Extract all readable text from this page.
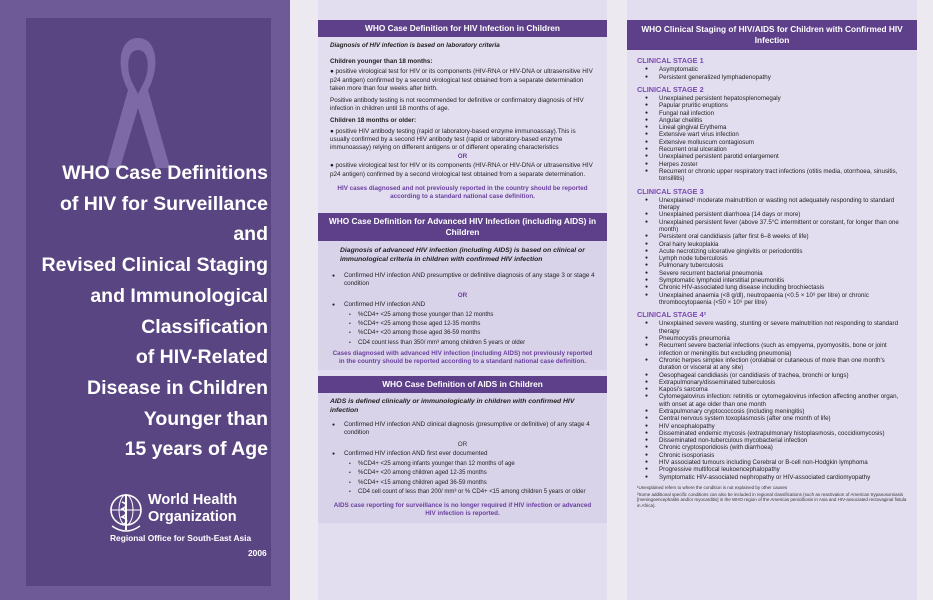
WHO Case Definitions
of HIV for Surveillance
and
Revised Clinical Staging
and Immunological
Classification
of HIV-Related
Disease in Children
Younger than
15 years of Age
World Health
Organization
Regional Office for South-East Asia
2006
WHO Case Definition for HIV Infection in Children

Diagnosis of HIV infection is based on laboratory criteria

Children younger than 18 months:

● positive virological test for HIV or its components (HIV-RNA or HIV-DNA or ultrasensitive HIV p24 antigen) confirmed by a second virological test obtained from a separate determination taken more than four weeks after birth.

Positive antibody testing is not recommended for definitive or confirmatory diagnosis of HIV infection in children until 18 months of age.

Children 18 months or older:

● positive HIV antibody testing (rapid or laboratory-based enzyme immunoassay).This is usually confirmed by a second HIV antibody test (rapid or laboratory-based enzyme immunoassay) relying on different antigens or of different operating characteristics

OR

● positive virological test for HIV or its components (HIV-RNA or HIV-DNA or ultrasensitive HIV p24 antigen) confirmed by a second virological test obtained from a separate determination.

HIV cases diagnosed and not previously reported in the country should be reported according to a standard national case definition.

WHO Case Definition for Advanced HIV Infection (including AIDS) in Children

Diagnosis of advanced HIV infection (including AIDS) is based on clinical or immunological criteria in children with confirmed HIV infection

● Confirmed HIV infection AND presumptive or definitive diagnosis of any stage 3 or stage 4 condition
OR
● Confirmed HIV infection AND
• %CD4+ <25 among those younger than 12 months
• %CD4+ <25 among those aged 12-35 months
• %CD4+ <20 among those aged 36-59 months
• CD4 count less than 350/ mm³ among children 5 years or older

Cases diagnosed with advanced HIV infection (including AIDS) not previously reported in the country should be reported according to a standard national case definition.

WHO Case Definition of AIDS in Children

AIDS is defined clinically or immunologically in children with confirmed HIV infection

● Confirmed HIV infection AND clinical diagnosis (presumptive or definitive) of any stage 4 condition
OR
● Confirmed HIV infection AND first ever documented
• %CD4+ <25 among infants younger than 12 months of age
• %CD4+ <20 among children aged 12-35 months
• %CD4+ <15 among children aged 36-59 months
• CD4 cell count of less than 200/ mm³ or % CD4+ <15 among children 5 years or older

AIDS case reporting for surveillance is no longer required if HIV infection or advanced HIV infection is reported.

WHO Clinical Staging of HIV/AIDS for Children with Confirmed HIV Infection
CLINICAL STAGE 1
● Asymptomatic
● Persistent generalized lymphadenopathy
CLINICAL STAGE 2
● Unexplained persistent hepatosplenomegaly
● Papular pruritic eruptions
● Fungal nail infection
● Angular cheilitis
● Lineal gingival Erythema
● Extensive wart virus infection
● Extensive molluscum contagiosum
● Recurrent oral ulceration
● Unexplained persistent parotid enlargement
● Herpes zoster
● Recurrent or chronic upper respiratory tract infections (otitis media, otorrhoea, sinusitis, tonsillitis)
CLINICAL STAGE 3
● Unexplained¹ moderate malnutrition or wasting not adequately responding to standard therapy
● Unexplained persistent diarrhoea (14 days or more)
● Unexplained persistent fever (above 37.5°C intermittent or constant, for longer than one month)
● Persistent oral candidiasis (after first 6–8 weeks of life)
● Oral hairy leukoplakia
● Acute necrotizing ulcerative gingivitis or periodontitis
● Lymph node tuberculosis
● Pulmonary tuberculosis
● Severe recurrent bacterial pneumonia
● Symptomatic lymphoid interstitial pneumonitis
● Chronic HIV-associated lung disease including brochiectasis
● Unexplained anaemia (<8 g/dl), neutropaenia (<0.5 × 10⁹ per litre) or chronic thrombocytopaenia (<50 × 10⁹ per litre)
CLINICAL STAGE 4²
● Unexplained severe wasting, stunting or severe malnutrition not responding to standard therapy
● Pneumocystis pneumonia
● Recurrent severe bacterial infections (such as empyema, pyomyositis, bone or joint infection or meningitis but excluding pneumonia)
● Chronic herpes simplex infection (orolabial or cutaneous of more than one month's duration or visceral at any site)
● Oesophageal candidiasis (or candidiasis of trachea, bronchi or lungs)
● Extrapulmonary/disseminated tuberculosis
● Kaposi's sarcoma
● Cytomegalovirus infection: retinitis or cytomegalovirus infection affecting another organ, with onset at age older than one month
● Extrapulmonary cryptococcosis (including meningitis)
● Central nervous system toxoplasmosis (after one month of life)
● HIV encephalopathy
● Disseminated endemic mycosis (extrapulmonary histoplasmosis, coccidiomycosis)
● Disseminated non-tuberculous mycobacterial infection
● Chronic cryptosporidiosis (with diarrhoea)
● Chronic isosporiasis
● HIV associated tumours including Cerebral or B-cell non-Hodgkin lymphoma
● Progressive multifocal leukoencephalopathy
● Symptomatic HIV-associated nephropathy or HIV-associated cardiomyopathy
¹Unexplained refers to where the condition is not explained by other causes
²Some additional specific conditions can also be included in regional classifications (such as reactivation of American trypanosomiasis [meningoencephalitis and/or myocarditis] in the WHO region of the Americas penicilliosis in Asia and HIV-associated rectovaginal fistula in Africa).
